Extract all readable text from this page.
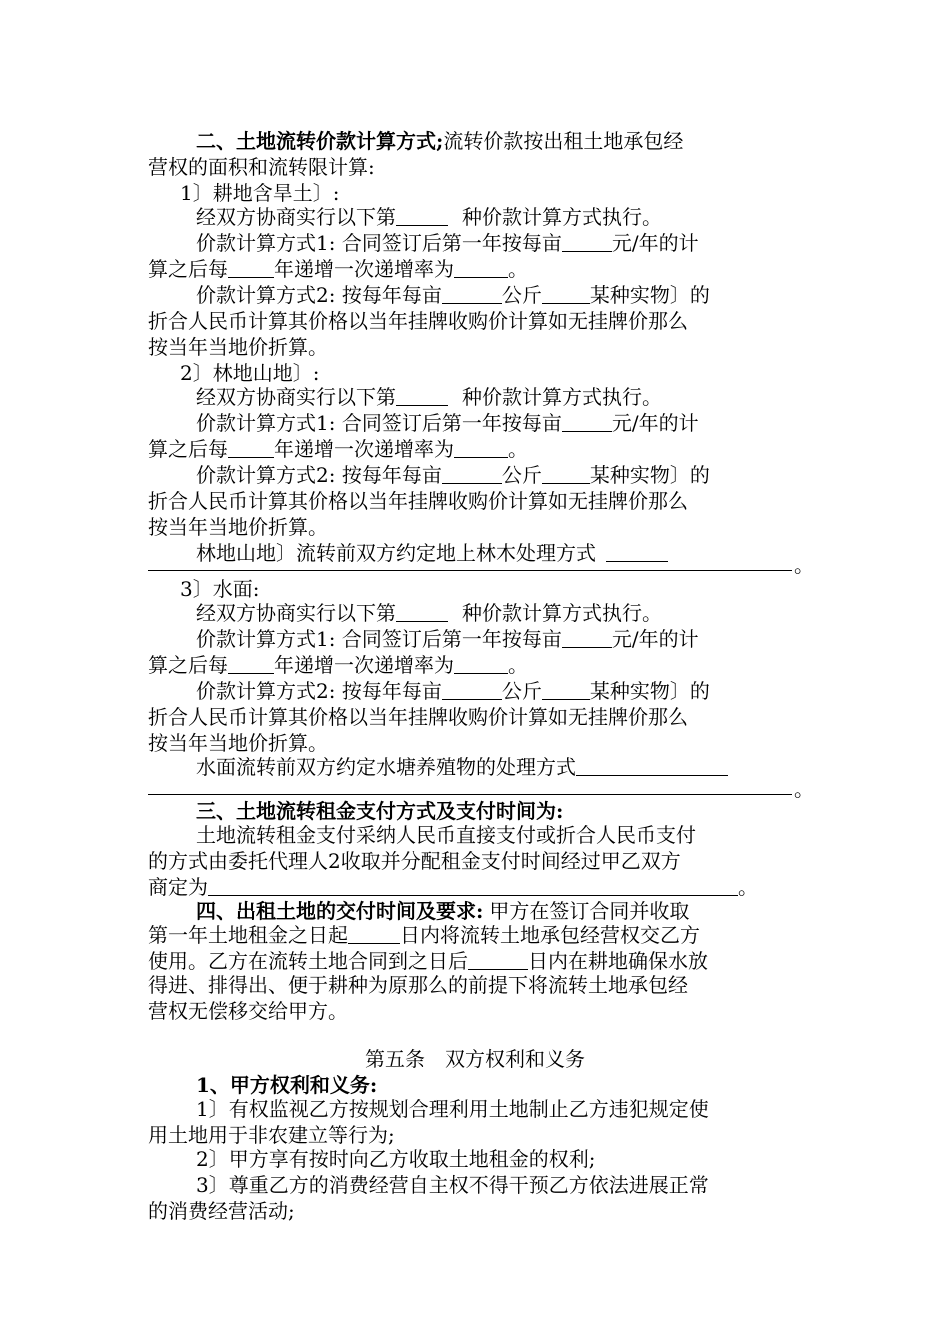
二、土地流转价款计算方式;流转价款按出租土地承包经
营权的面积和流转限计算:
1〕耕地含旱土〕:
经双方协商实行以下第	种价款计算方式执行。
价款计算方式1: 合同签订后第一年按每亩	元/年的计
算之后每 年递增一次递增率为	。
价款计算方式2: 按每年每亩	公斤 某种实物〕的
折合人民币计算其价格以当年挂牌收购价计算如无挂牌价那么
按当年当地价折算。
2〕林地山地〕:
经双方协商实行以下第	种价款计算方式执行。
价款计算方式1: 合同签订后第一年按每亩	元/年的计
算之后每 年递增一次递增率为	。
价款计算方式2: 按每年每亩	公斤 某种实物〕的
折合人民币计算其价格以当年挂牌收购价计算如无挂牌价那么
按当年当地价折算。
林地山地〕流转前双方约定地上林木处理方式	。
3〕水面:
经双方协商实行以下第	种价款计算方式执行。
价款计算方式1: 合同签订后第一年按每亩	元/年的计
算之后每 年递增一次递增率为	。
价款计算方式2: 按每年每亩	公斤 某种实物〕的
折合人民币计算其价格以当年挂牌收购价计算如无挂牌价那么
按当年当地价折算。
水面流转前双方约定水塘养殖物的处理方式
。
三、土地流转租金支付方式及支付时间为:
土地流转租金支付采纳人民币直接支付或折合人民币支付
的方式由委托代理人2收取并分配租金支付时间经过甲乙双方
商定为	。
四、出租土地的交付时间及要求: 甲方在签订合同并收取
第一年土地租金之日起	日内将流转土地承包经营权交乙方
使用。乙方在流转土地合同到之日后	日内在耕地确保水放
得进、排得出、便于耕种为原那么的前提下将流转土地承包经
营权无偿移交给甲方。
第五条　双方权利和义务
1、甲方权利和义务:
1〕有权监视乙方按规划合理利用土地制止乙方违犯规定使
用土地用于非农建立等行为;
2〕甲方享有按时向乙方收取土地租金的权利;
3〕尊重乙方的消费经营自主权不得干预乙方依法进展正常
的消费经营活动;
